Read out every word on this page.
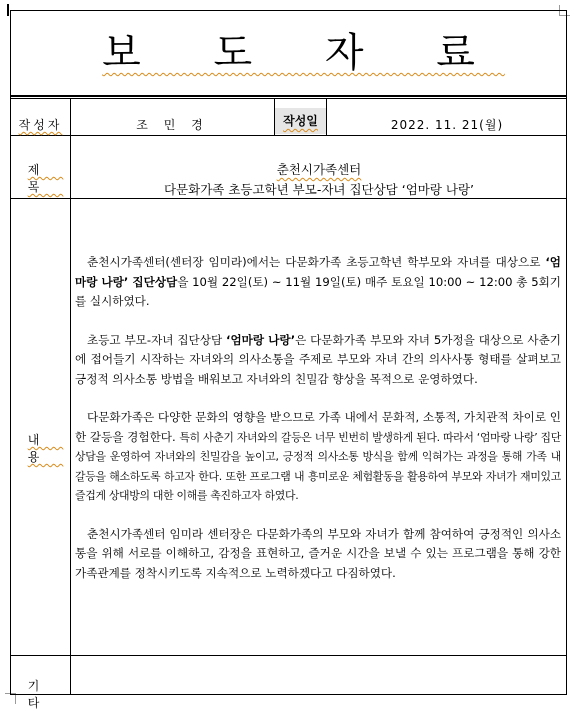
보 도 자 료
작성자
제 목
내 용
기 타
조 민 경	작성일	2022. 11. 21(월)
춘천시가족센터
다문화가족 초등고학년 부모-자녀 집단상담 ‘엄마랑 나랑’

춘천시가족센터(센터장 임미라)에서는 다문화가족 초등고학년 학부모와 자녀를 대상으로 ‘엄마랑 나랑’ 집단상담을 10월 22일(토) ~ 11월 19일(토) 매주 토요일 10:00 ~ 12:00 총 5회기를 실시하였다.

초등고 부모-자녀 집단상담 ‘엄마랑 나랑’은 다문화가족 부모와 자녀 5가정을 대상으로 사춘기에 접어들기 시작하는 자녀와의 의사소통을 주제로 부모와 자녀 간의 의사사통 형태를 살펴보고 긍정적 의사소통 방법을 배워보고 자녀와의 친밀감 향상을 목적으로 운영하였다.

다문화가족은 다양한 문화의 영향을 받으므로 가족 내에서 문화적, 소통적, 가치관적 차이로 인한 갈등을 경험한다. 특히 사춘기 자녀와의 갈등은 너무 빈번히 발생하게 된다. 따라서 ‘엄마랑 나랑’ 집단상담을 운영하여 자녀와의 친밀감을 높이고, 긍정적 의사소통 방식을 함께 익혀가는 과정을 통해 가족 내 갈등을 해소하도록 하고자 한다. 또한 프로그램 내 흥미로운 체험활동을 활용하여 부모와 자녀가 재미있고 즐겁게 상대방의 대한 이해를 촉진하고자 하였다.

춘천시가족센터 임미라 센터장은 다문화가족의 부모와 자녀가 함께 참여하여 긍정적인 의사소통을 위해 서로를 이해하고, 감정을 표현하고, 즐거운 시간을 보낼 수 있는 프로그램을 통해 강한 가족관계를 정착시키도록 지속적으로 노력하겠다고 다짐하였다.
